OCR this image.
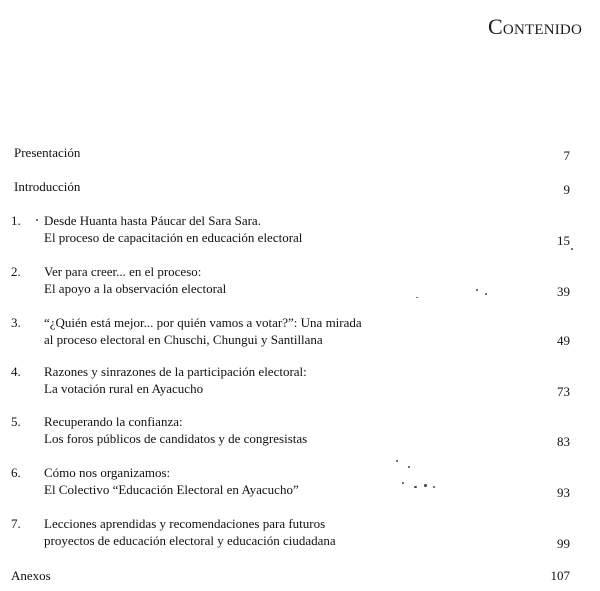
Contenido
Presentación	7
Introducción	9
1. Desde Huanta hasta Páucar del Sara Sara.
El proceso de capacitación en educación electoral	15
2. Ver para creer... en el proceso:
El apoyo a la observación electoral	39
3. “¿Quién está mejor... por quién vamos a votar?”: Una mirada
al proceso electoral en Chuschi, Chungui y Santillana	49
4. Razones y sinrazones de la participación electoral:
La votación rural en Ayacucho	73
5. Recuperando la confianza:
Los foros públicos de candidatos y de congresistas	83
6. Cómo nos organizamos:
El Colectivo “Educación Electoral en Ayacucho”	93
7. Lecciones aprendidas y recomendaciones para futuros
proyectos de educación electoral y educación ciudadana	99
Anexos	107
